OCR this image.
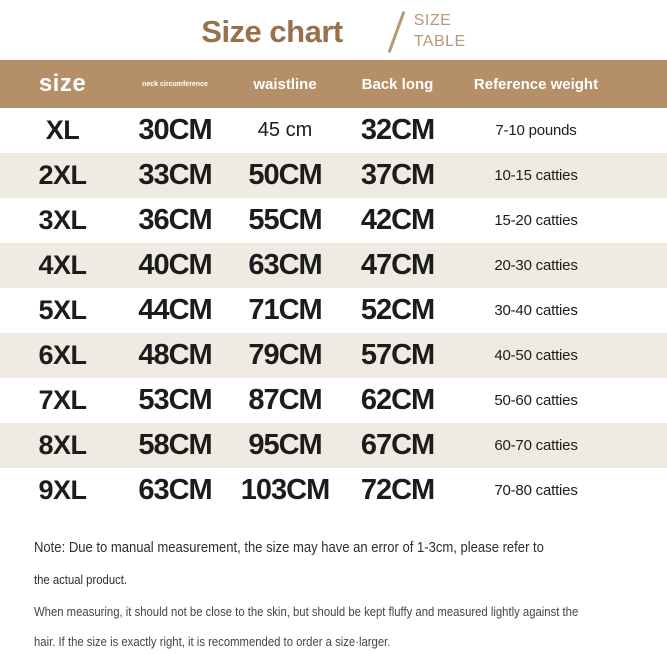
Size chart	SIZE
TABLE
size	neck circumference	waistline	Back long	Reference weight
XL	30CM	45 cm	32CM	7-10 pounds
2XL	33CM	50CM	37CM	10-15 catties
3XL	36CM	55CM	42CM	15-20 catties
4XL	40CM	63CM	47CM	20-30 catties
5XL	44CM	71CM	52CM	30-40 catties
6XL	48CM	79CM	57CM	40-50 catties
7XL	53CM	87CM	62CM	50-60 catties
8XL	58CM	95CM	67CM	60-70 catties
9XL	63CM	103CM	72CM	70-80 catties

Note: Due to manual measurement, the size may have an error of 1-3cm, please refer to

the actual product.

When measuring, it should not be close to the skin, but should be kept fluffy and measured lightly against the

hair. If the size is exactly right, it is recommended to order a size·larger.
